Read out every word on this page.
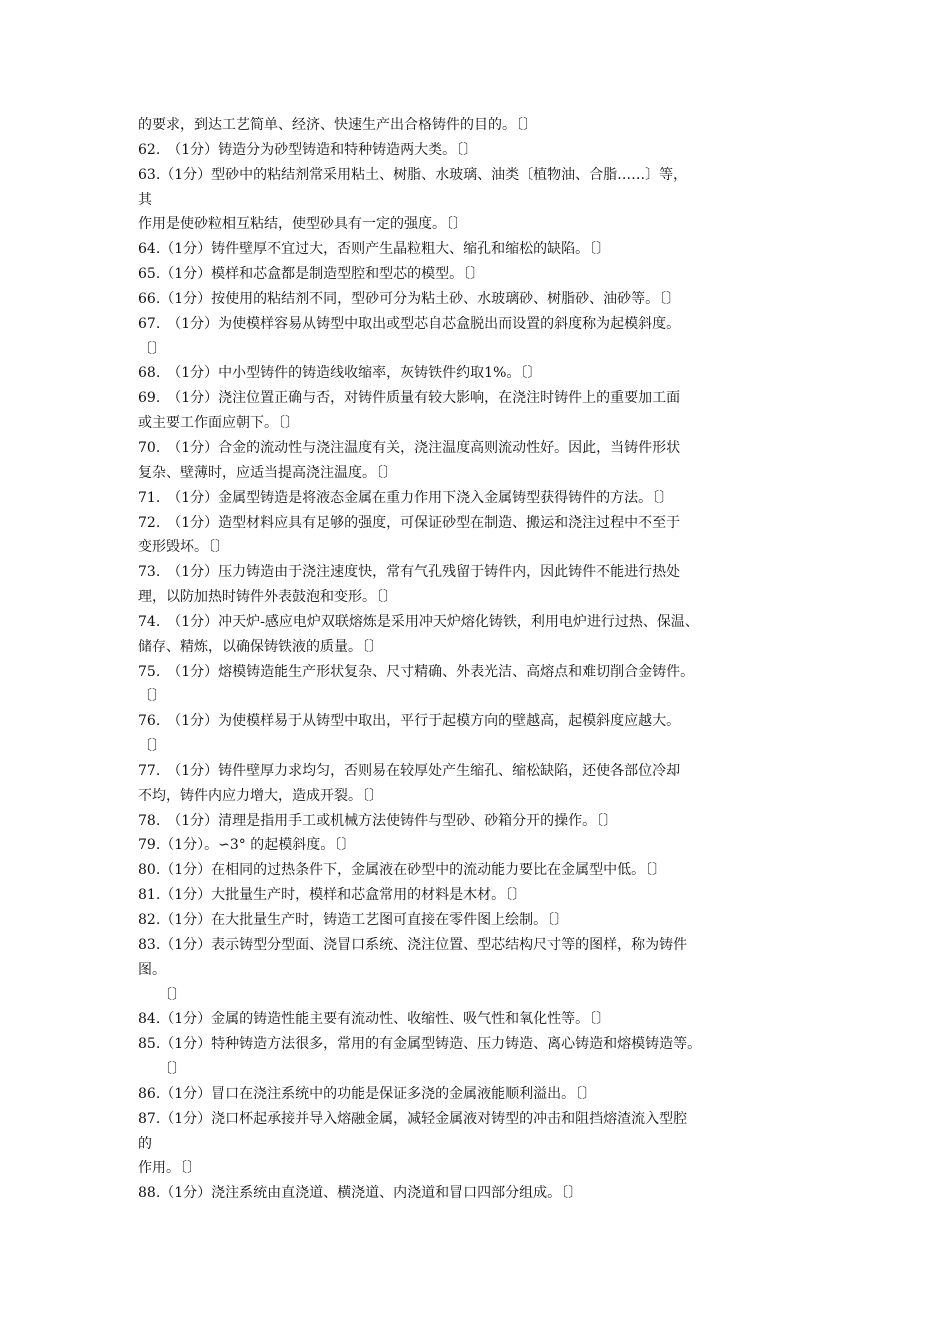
的要求，到达工艺简单、经济、快速生产出合格铸件的目的。〔〕
62.　（1分）铸造分为砂型铸造和特种铸造两大类。〔〕
63.（1分）型砂中的粘结剂常采用粘土、树脂、水玻璃、油类〔植物油、合脂……〕等，
其
作用是使砂粒相互粘结，使型砂具有一定的强度。〔〕
64.（1分）铸件壁厚不宜过大，否则产生晶粒粗大、缩孔和缩松的缺陷。〔〕
65.（1分）模样和芯盒都是制造型腔和型芯的模型。〔〕
66.（1分）按使用的粘结剂不同，型砂可分为粘土砂、水玻璃砂、树脂砂、油砂等。〔〕
67.　（1分）为使模样容易从铸型中取出或型芯自芯盒脱出而设置的斜度称为起模斜度。
〔〕
68.　（1分）中小型铸件的铸造线收缩率，灰铸铁件约取1%。〔〕
69.　（1分）浇注位置正确与否，对铸件质量有较大影响，在浇注时铸件上的重要加工面
或主要工作面应朝下。〔〕
70.　（1分）合金的流动性与浇注温度有关，浇注温度高则流动性好。因此，当铸件形状
复杂、壁薄时，应适当提高浇注温度。〔〕
71.　（1分）金属型铸造是将液态金属在重力作用下浇入金属铸型获得铸件的方法。〔〕
72.　（1分）造型材料应具有足够的强度，可保证砂型在制造、搬运和浇注过程中不至于
变形毁坏。〔〕
73.　（1分）压力铸造由于浇注速度快，常有气孔残留于铸件内，因此铸件不能进行热处
理，以防加热时铸件外表鼓泡和变形。〔〕
74.　（1分）冲天炉-感应电炉双联熔炼是采用冲天炉熔化铸铁，利用电炉进行过热、保温、
储存、精炼，以确保铸铁液的质量。〔〕
75.　（1分）熔模铸造能生产形状复杂、尺寸精确、外表光洁、高熔点和难切削合金铸件。
〔〕
76.　（1分）为使模样易于从铸型中取出，平行于起模方向的壁越高，起模斜度应越大。
〔〕
77.　（1分）铸件壁厚力求均匀，否则易在较厚处产生缩孔、缩松缺陷，还使各部位冷却
不均，铸件内应力增大，造成开裂。〔〕
78.　（1分）清理是指用手工或机械方法使铸件与型砂、砂箱分开的操作。〔〕
79.（1分）。∽3° 的起模斜度。〔〕
80.（1分）在相同的过热条件下，金属液在砂型中的流动能力要比在金属型中低。〔〕
81.（1分）大批量生产时，模样和芯盒常用的材料是木材。〔〕
82.（1分）在大批量生产时，铸造工艺图可直接在零件图上绘制。〔〕
83.（1分）表示铸型分型面、浇冒口系统、浇注位置、型芯结构尺寸等的图样，称为铸件
图。
〔〕
84.（1分）金属的铸造性能主要有流动性、收缩性、吸气性和氧化性等。〔〕
85.（1分）特种铸造方法很多，常用的有金属型铸造、压力铸造、离心铸造和熔模铸造等。
〔〕
86.（1分）冒口在浇注系统中的功能是保证多浇的金属液能顺利溢出。〔〕
87.（1分）浇口杯起承接并导入熔融金属，减轻金属液对铸型的冲击和阻挡熔渣流入型腔
的
作用。〔〕
88.（1分）浇注系统由直浇道、横浇道、内浇道和冒口四部分组成。〔〕
